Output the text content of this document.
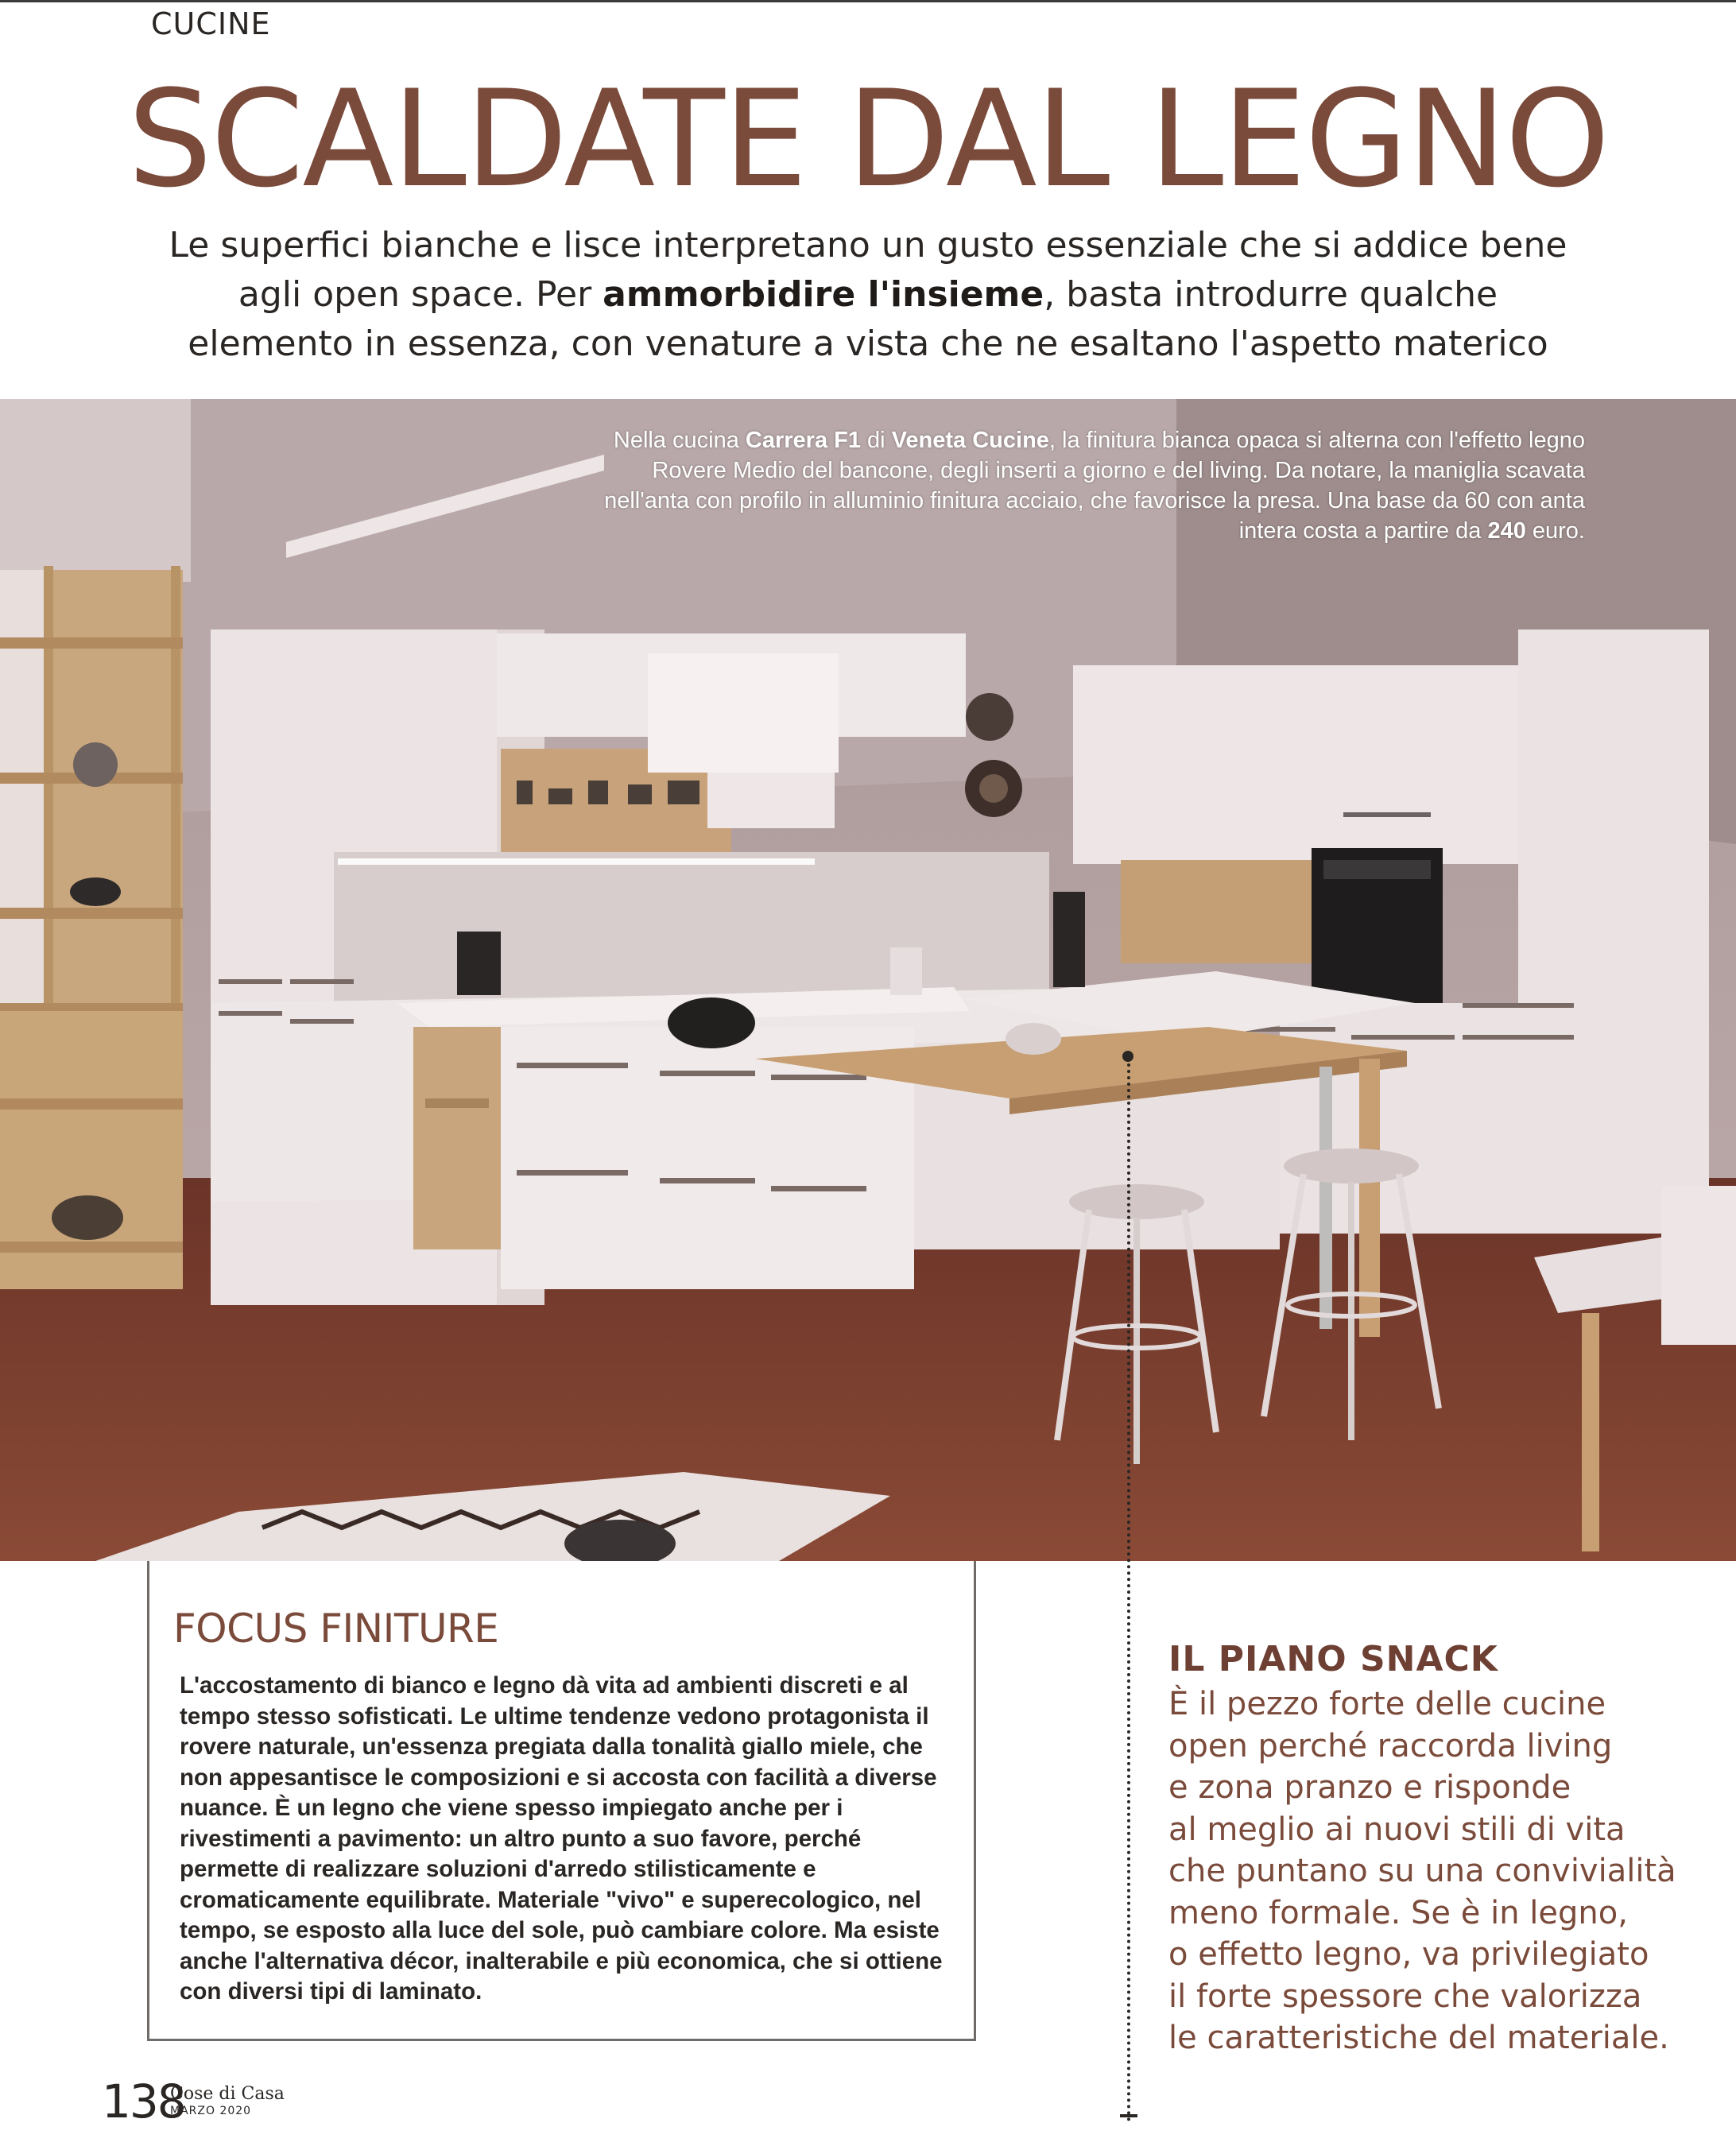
CUCINE
SCALDATE DAL LEGNO
Le superfici bianche e lisce interpretano un gusto essenziale che si addice bene agli open space. Per ammorbidire l'insieme, basta introdurre qualche elemento in essenza, con venature a vista che ne esaltano l'aspetto materico
Nella cucina Carrera F1 di Veneta Cucine, la finitura bianca opaca si alterna con l'effetto legno Rovere Medio del bancone, degli inserti a giorno e del living. Da notare, la maniglia scavata nell'anta con profilo in alluminio finitura acciaio, che favorisce la presa. Una base da 60 con anta intera costa a partire da 240 euro.
FOCUS FINITURE

L'accostamento di bianco e legno dà vita ad ambienti discreti e al tempo stesso sofisticati. Le ultime tendenze vedono protagonista il rovere naturale, un'essenza pregiata dalla tonalità giallo miele, che non appesantisce le composizioni e si accosta con facilità a diverse nuance. È un legno che viene spesso impiegato anche per i rivestimenti a pavimento: un altro punto a suo favore, perché permette di realizzare soluzioni d'arredo stilisticamente e cromaticamente equilibrate. Materiale "vivo" e superecologico, nel tempo, se esposto alla luce del sole, può cambiare colore. Ma esiste anche l'alternativa décor, inalterabile e più economica, che si ottiene con diversi tipi di laminato.

IL PIANO SNACK
È il pezzo forte delle cucine
open perché raccorda living
e zona pranzo e risponde
al meglio ai nuovi stili di vita
che puntano su una convivialità
meno formale. Se è in legno,
o effetto legno, va privilegiato
il forte spessore che valorizza
le caratteristiche del materiale.
138
Cose di Casa
MARZO 2020
